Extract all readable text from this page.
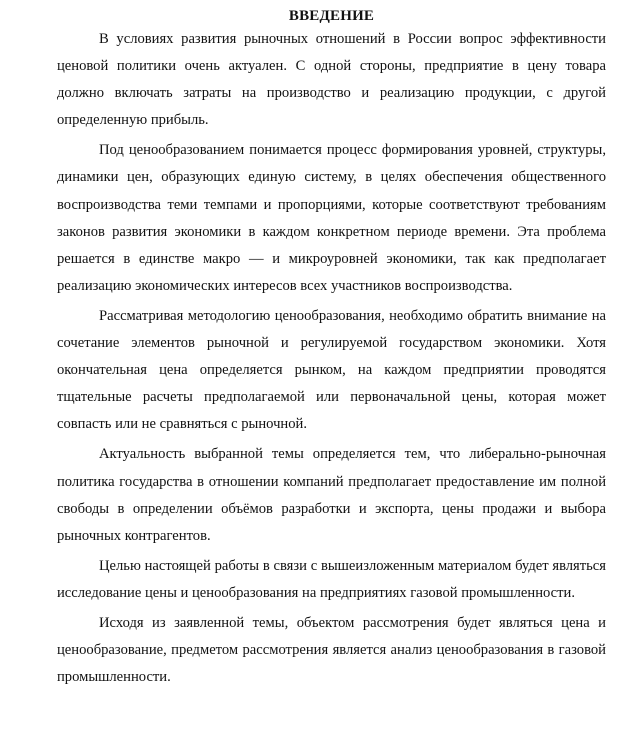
ВВЕДЕНИЕ

В условиях развития рыночных отношений в России вопрос эффективности ценовой политики очень актуален. С одной стороны, предприятие в цену товара должно включать затраты на производство и реализацию продукции, с другой определенную прибыль.

Под ценообразованием понимается процесс формирования уровней, структуры, динамики цен, образующих единую систему, в целях обеспечения общественного воспроизводства теми темпами и пропорциями, которые соответствуют требованиям законов развития экономики в каждом конкретном периоде времени. Эта проблема решается в единстве макро — и микроуровней экономики, так как предполагает реализацию экономических интересов всех участников воспроизводства.

Рассматривая методологию ценообразования, необходимо обратить внимание на сочетание элементов рыночной и регулируемой государством экономики. Хотя окончательная цена определяется рынком, на каждом предприятии проводятся тщательные расчеты предполагаемой или первоначальной цены, которая может совпасть или не сравняться с рыночной.

Актуальность выбранной темы определяется тем, что либерально-рыночная политика государства в отношении компаний предполагает предоставление им полной свободы в определении объёмов разработки и экспорта, цены продажи и выбора рыночных контрагентов.

Целью настоящей работы в связи с вышеизложенным материалом будет являться исследование цены и ценообразования на предприятиях газовой промышленности.

Исходя из заявленной темы, объектом рассмотрения будет являться цена и ценообразование, предметом рассмотрения является анализ ценообразования в газовой промышленности.
